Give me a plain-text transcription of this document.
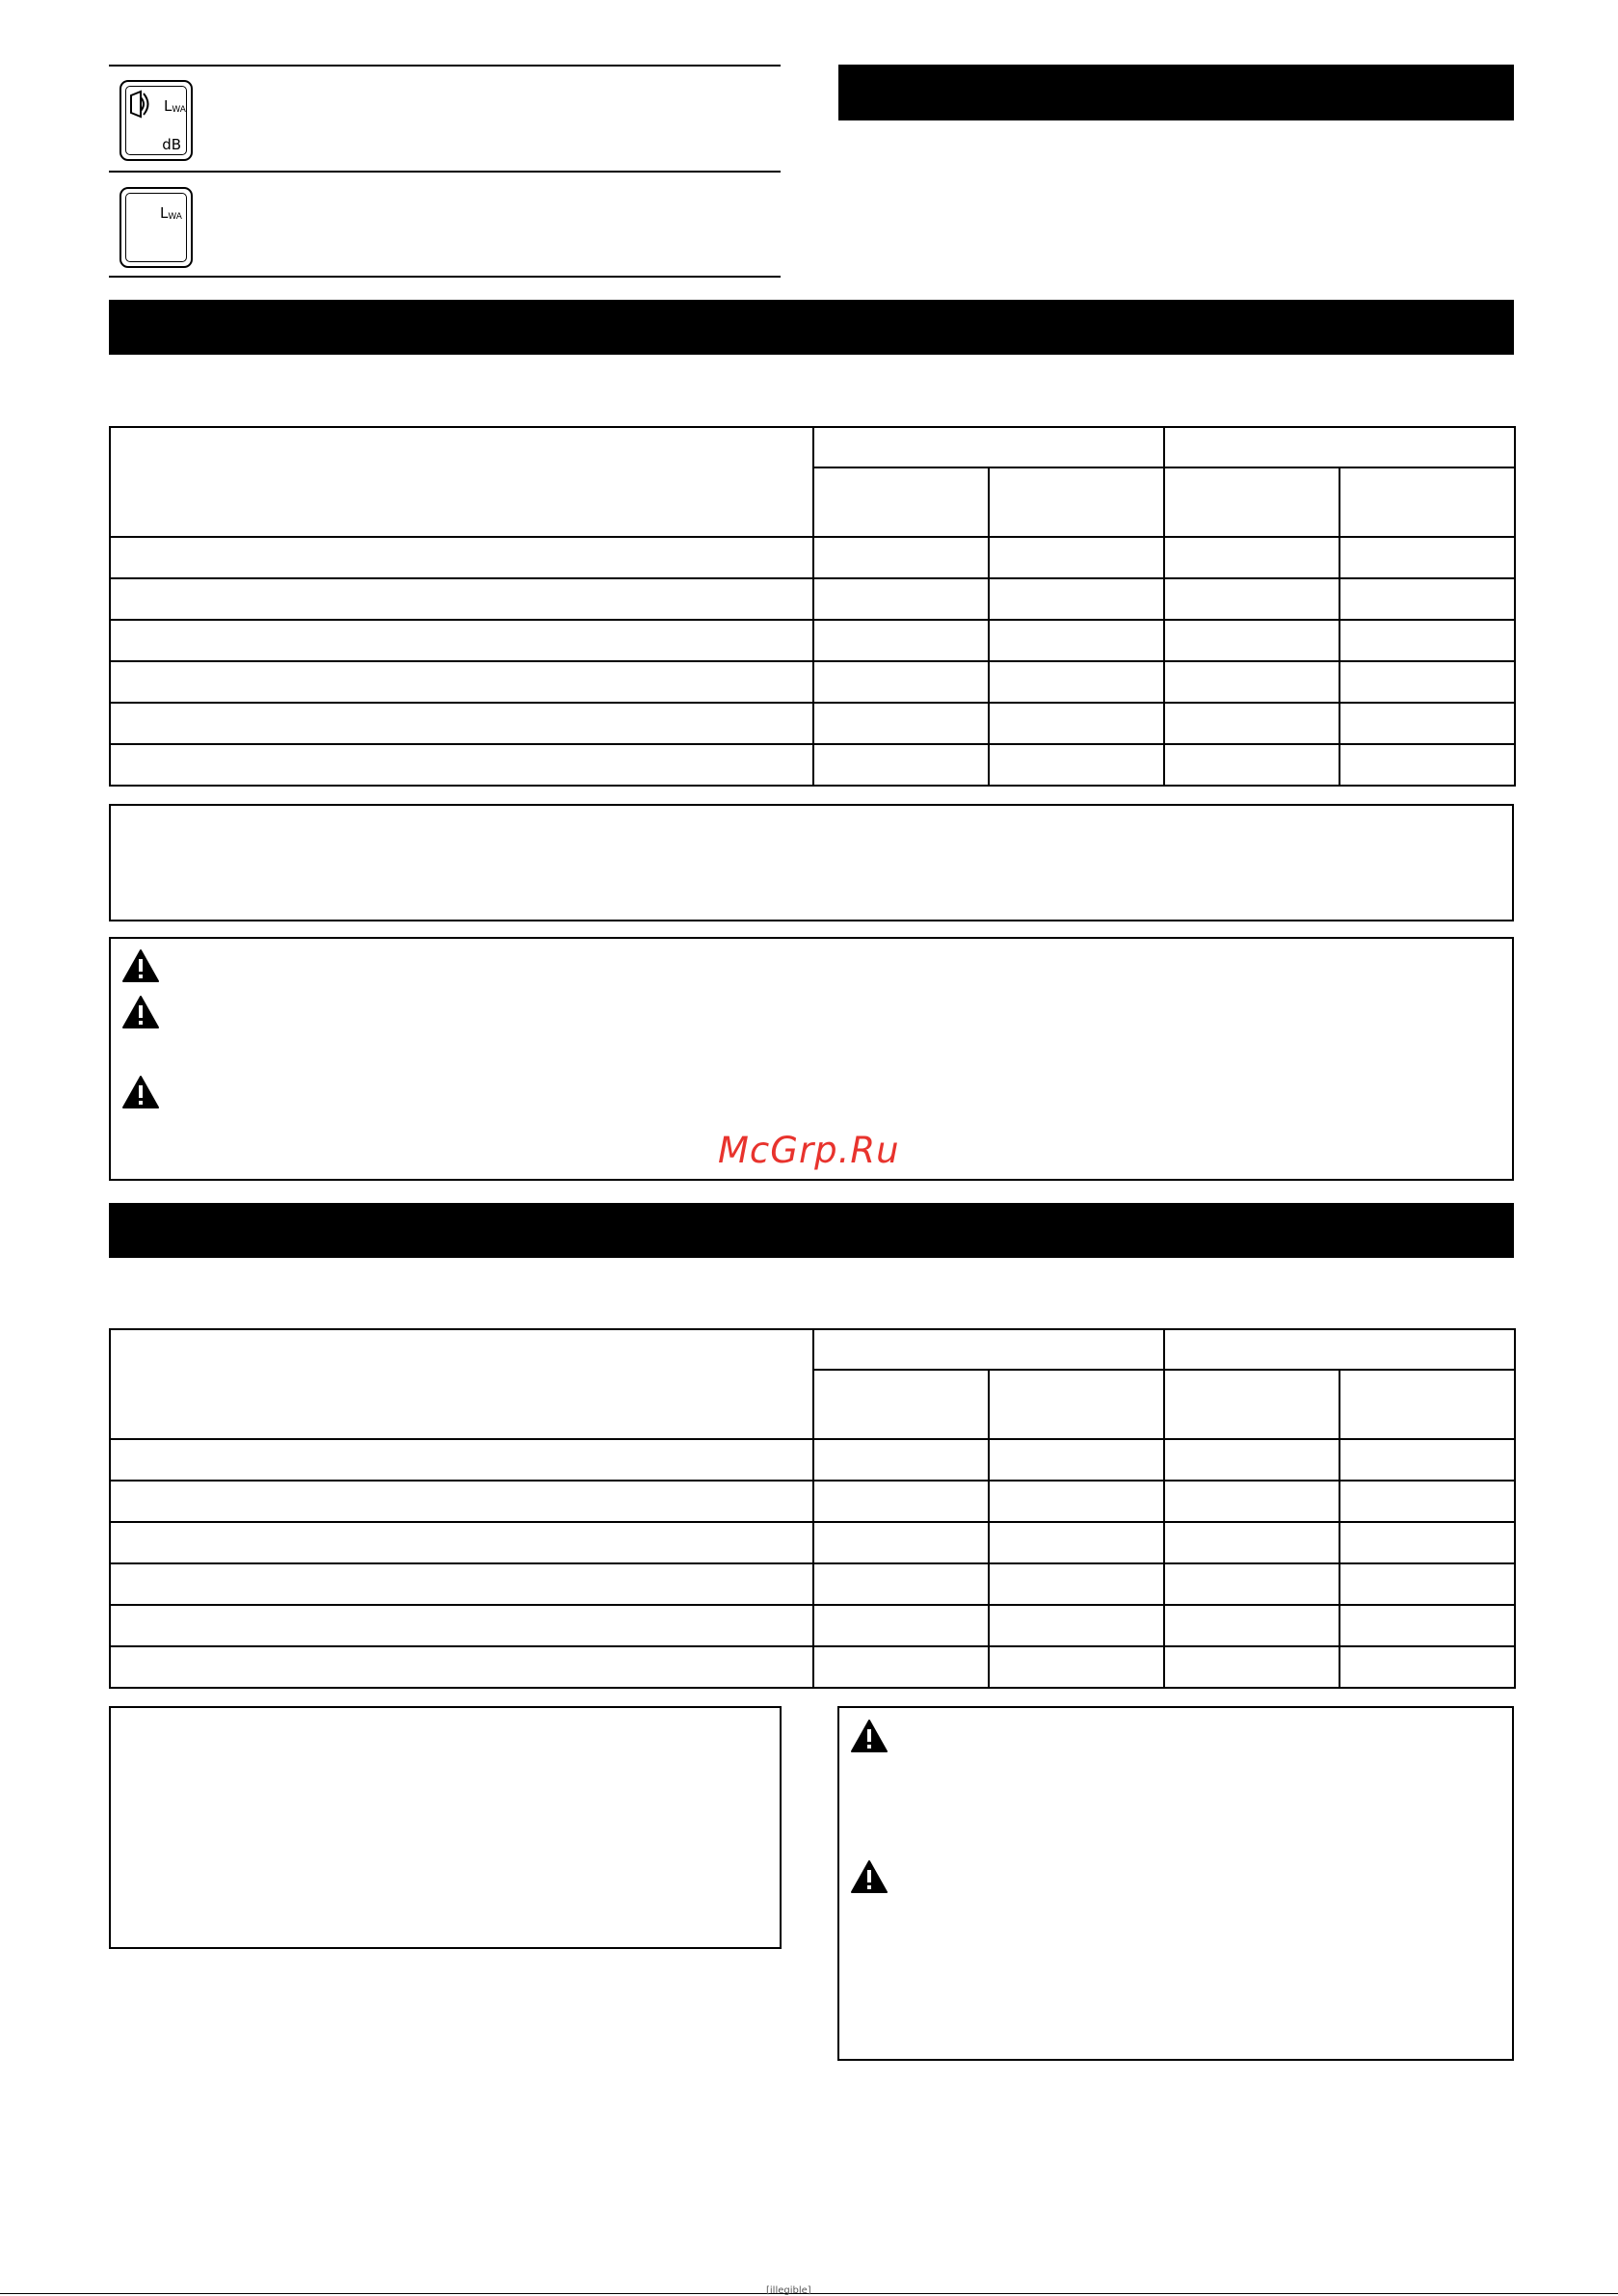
$L_{WA}$
dB
$L_{WA}$

McGrp.Ru

[illegible]
